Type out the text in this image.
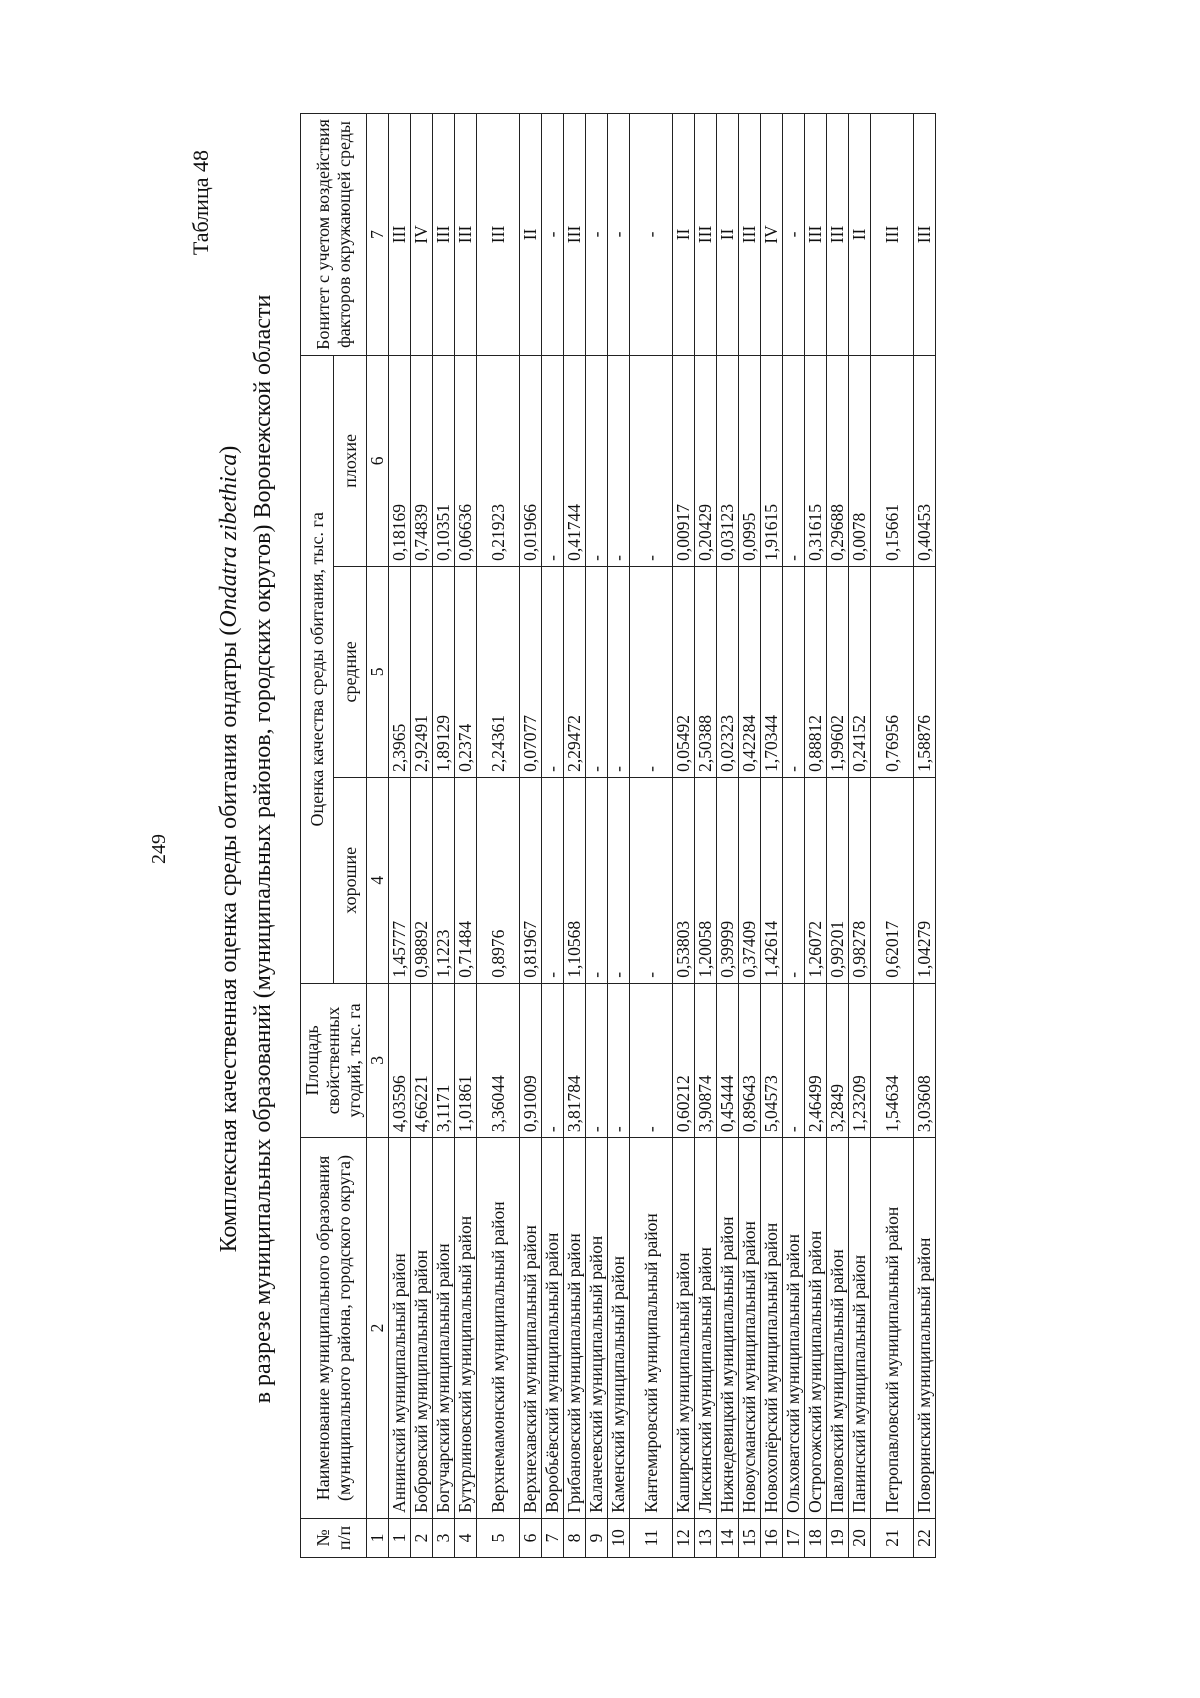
249
Таблица 48
Комплексная качественная оценка среды обитания ондатры (Ondatra zibethica) в разрезе муниципальных образований (муниципальных районов, городских округов) Воронежской области
№ п/п	Наименование муниципального образования (муниципального района, городского округа)	Площадь свойственных угодий, тыс. га	Оценка качества среды обитания, тыс. га			Бонитет с учетом воздействия факторов окружающей среды
			хорошие	средние	плохие	
1	2	3	4	5	6	7
1	Аннинский муниципальный район	4,03596	1,45777	2,3965	0,18169	III
2	Бобровский муниципальный район	4,66221	0,98892	2,92491	0,74839	IV
3	Богучарский муниципальный район	3,1171	1,1223	1,89129	0,10351	III
4	Бутурлиновский муниципальный район	1,01861	0,71484	0,2374	0,06636	III
5	Верхнемамонский муниципальный район	3,36044	0,8976	2,24361	0,21923	III
6	Верхнехавский муниципальный район	0,91009	0,81967	0,07077	0,01966	II
7	Воробьёвский муниципальный район	-	-	-	-	-
8	Грибановский муниципальный район	3,81784	1,10568	2,29472	0,41744	III
9	Калачеевский муниципальный район	-	-	-	-	-
10	Каменский муниципальный район	-	-	-	-	-
11	Кантемировский муниципальный район	-	-	-	-	-
12	Каширский муниципальный район	0,60212	0,53803	0,05492	0,00917	II
13	Лискинский муниципальный район	3,90874	1,20058	2,50388	0,20429	III
14	Нижнедевицкий муниципальный район	0,45444	0,39999	0,02323	0,03123	II
15	Новоусманский муниципальный район	0,89643	0,37409	0,42284	0,0995	III
16	Новохопёрский муниципальный район	5,04573	1,42614	1,70344	1,91615	IV
17	Ольховатский муниципальный район	-	-	-	-	-
18	Острогожский муниципальный район	2,46499	1,26072	0,88812	0,31615	III
19	Павловский муниципальный район	3,2849	0,99201	1,99602	0,29688	III
20	Панинский муниципальный район	1,23209	0,98278	0,24152	0,0078	II
21	Петропавловский муниципальный район	1,54634	0,62017	0,76956	0,15661	III
22	Поворинский муниципальный район	3,03608	1,04279	1,58876	0,40453	III
